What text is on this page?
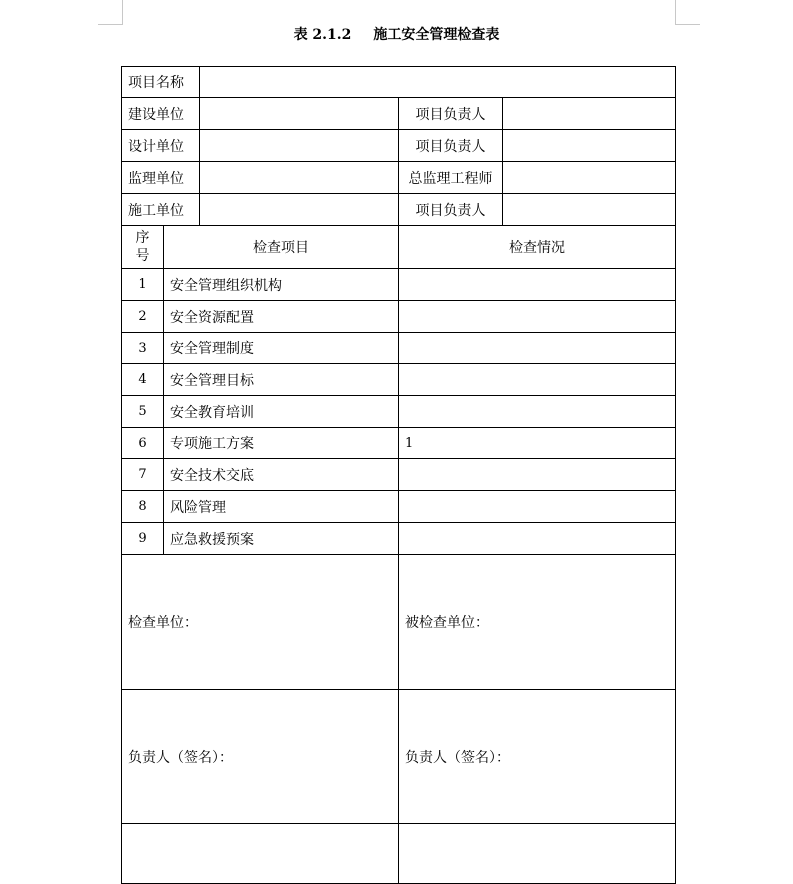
表 2.1.2 施工安全管理检查表
项目名称				
建设单位			项目负责人	
设计单位			项目负责人	
监理单位			总监理工程师	
施工单位			项目负责人	

序
号	检查项目		检查情况	
1	安全管理组织机构			
2	安全资源配置			
3	安全管理制度			
4	安全管理目标			
5	安全教育培训			
6	专项施工方案		1	
7	安全技术交底			
8	风险管理			
9	应急救援预案			
检查单位：			被检查单位：	
负责人（签名）：			负责人（签名）：	
